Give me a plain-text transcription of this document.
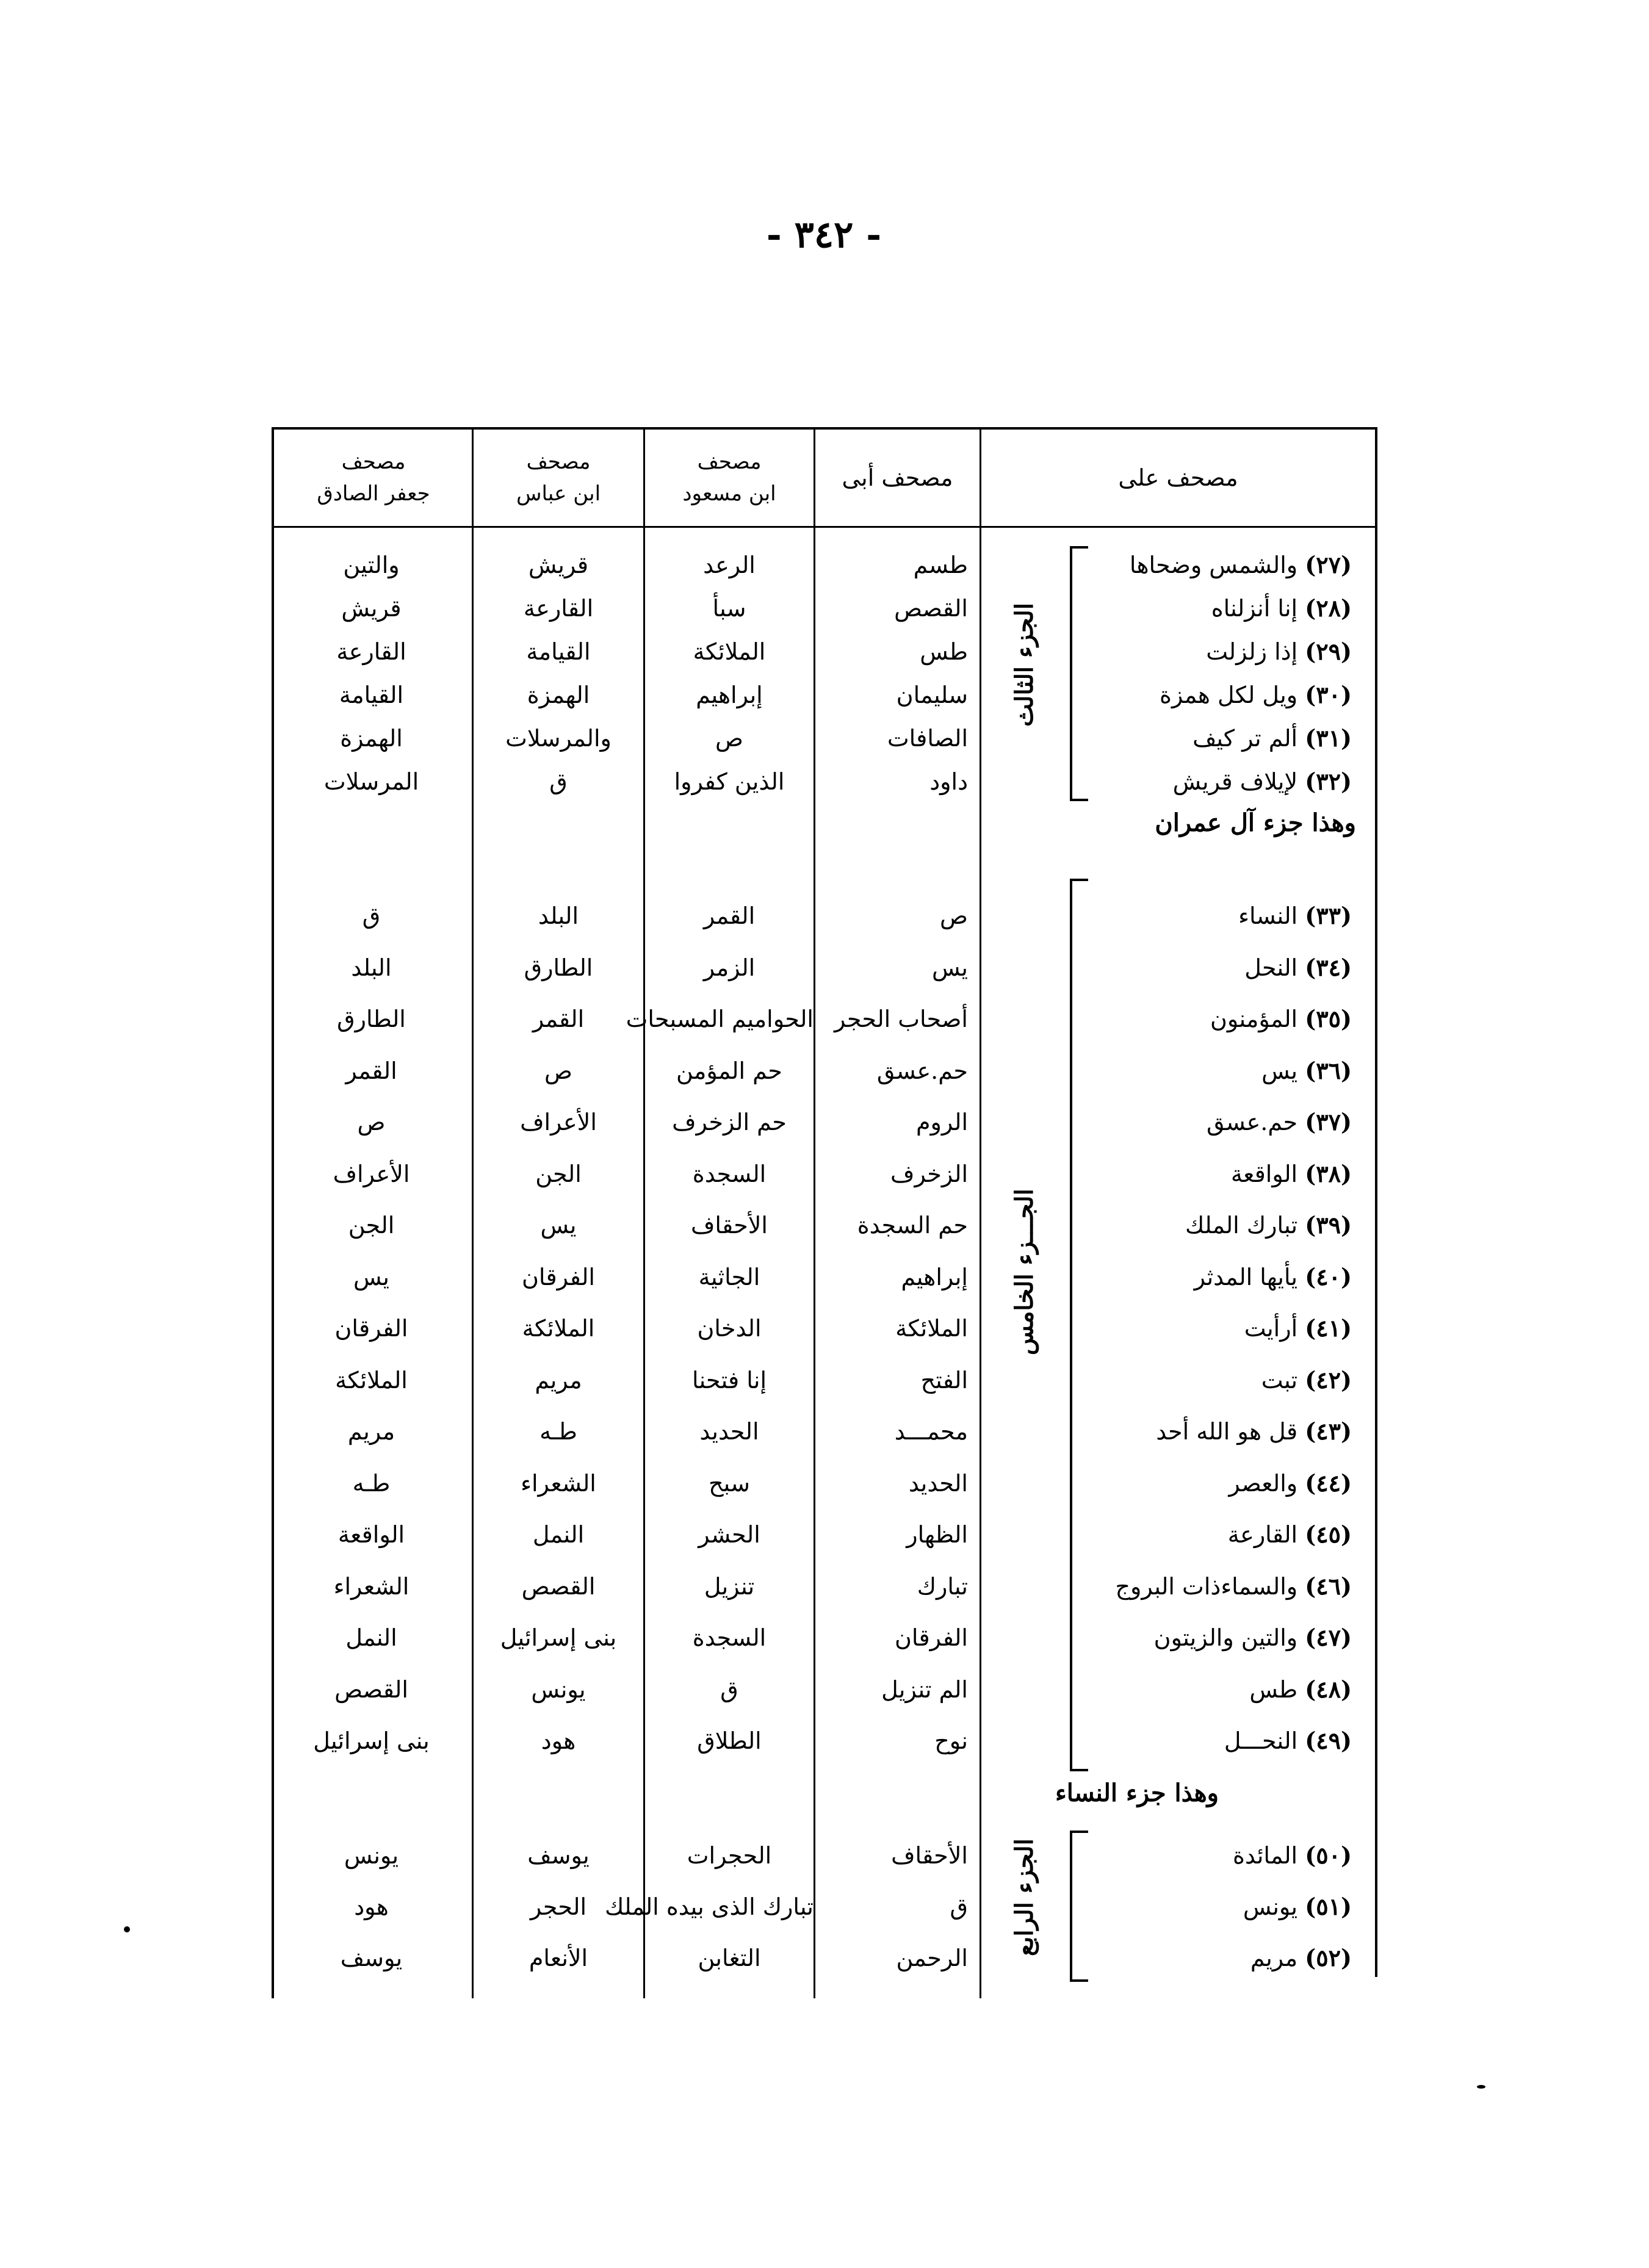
- ٣٤٢ -
مصحف
جعفر الصادق
مصحف
ابن عباس
مصحف
ابن مسعود
مصحف أبى	مصحف على
الجزء الثالث
الجـــزء الخامس
الجزء الرابع
وهذا جزء آل عمران
وهذا جزء النساء
والتين
قريش
القارعة
القيامة
الهمزة
المرسلات
قريش
القارعة
القيامة
الهمزة
والمرسلات
ق
الرعد
سبأ
الملائكة
إبراهيم
ص
الذين كفروا
طسم
القصص
طس
سليمان
الصافات
داود
ق
البلد
الطارق
القمر
ص
الأعراف
الجن
يس
الفرقان
الملائكة
مريم
طـه
الواقعة
الشعراء
النمل
القصص
بنى إسرائيل
البلد
الطارق
القمر
ص
الأعراف
الجن
يس
الفرقان
الملائكة
مريم
طـه
الشعراء
النمل
القصص
بنى إسرائيل
يونس
هود
القمر
الزمر
الحواميم المسبحات
حم المؤمن
حم الزخرف
السجدة
الأحقاف
الجاثية
الدخان
إنا فتحنا
الحديد
سبح
الحشر
تنزيل
السجدة
ق
الطلاق
ص
يس
أصحاب الحجر
حم.عسق
الروم
الزخرف
حم السجدة
إبراهيم
الملائكة
الفتح
محمـــد
الحديد
الظهار
تبارك
الفرقان
الم تنزيل
نوح
يونس
هود
يوسف
يوسف
الحجر
الأنعام
الحجرات
تبارك الذى بيده الملك
التغابن
الأحقاف
ق
الرحمن
(٢٧) والشمس وضحاها
(٢٨) إنا أنزلناه
(٢٩) إذا زلزلت
(٣٠) ويل لكل همزة
(٣١) ألم تر كيف
(٣٢) لإيلاف قريش
(٣٣) النساء
(٣٤) النحل
(٣٥) المؤمنون
(٣٦) يس
(٣٧) حم.عسق
(٣٨) الواقعة
(٣٩) تبارك الملك
(٤٠) يأيها المدثر
(٤١) أرأيت
(٤٢) تبت
(٤٣) قل هو الله أحد
(٤٤) والعصر
(٤٥) القارعة
(٤٦) والسماءذات البروج
(٤٧) والتين والزيتون
(٤٨) طس
(٤٩) النحـــل
(٥٠) المائدة
(٥١) يونس
(٥٢) مريم
